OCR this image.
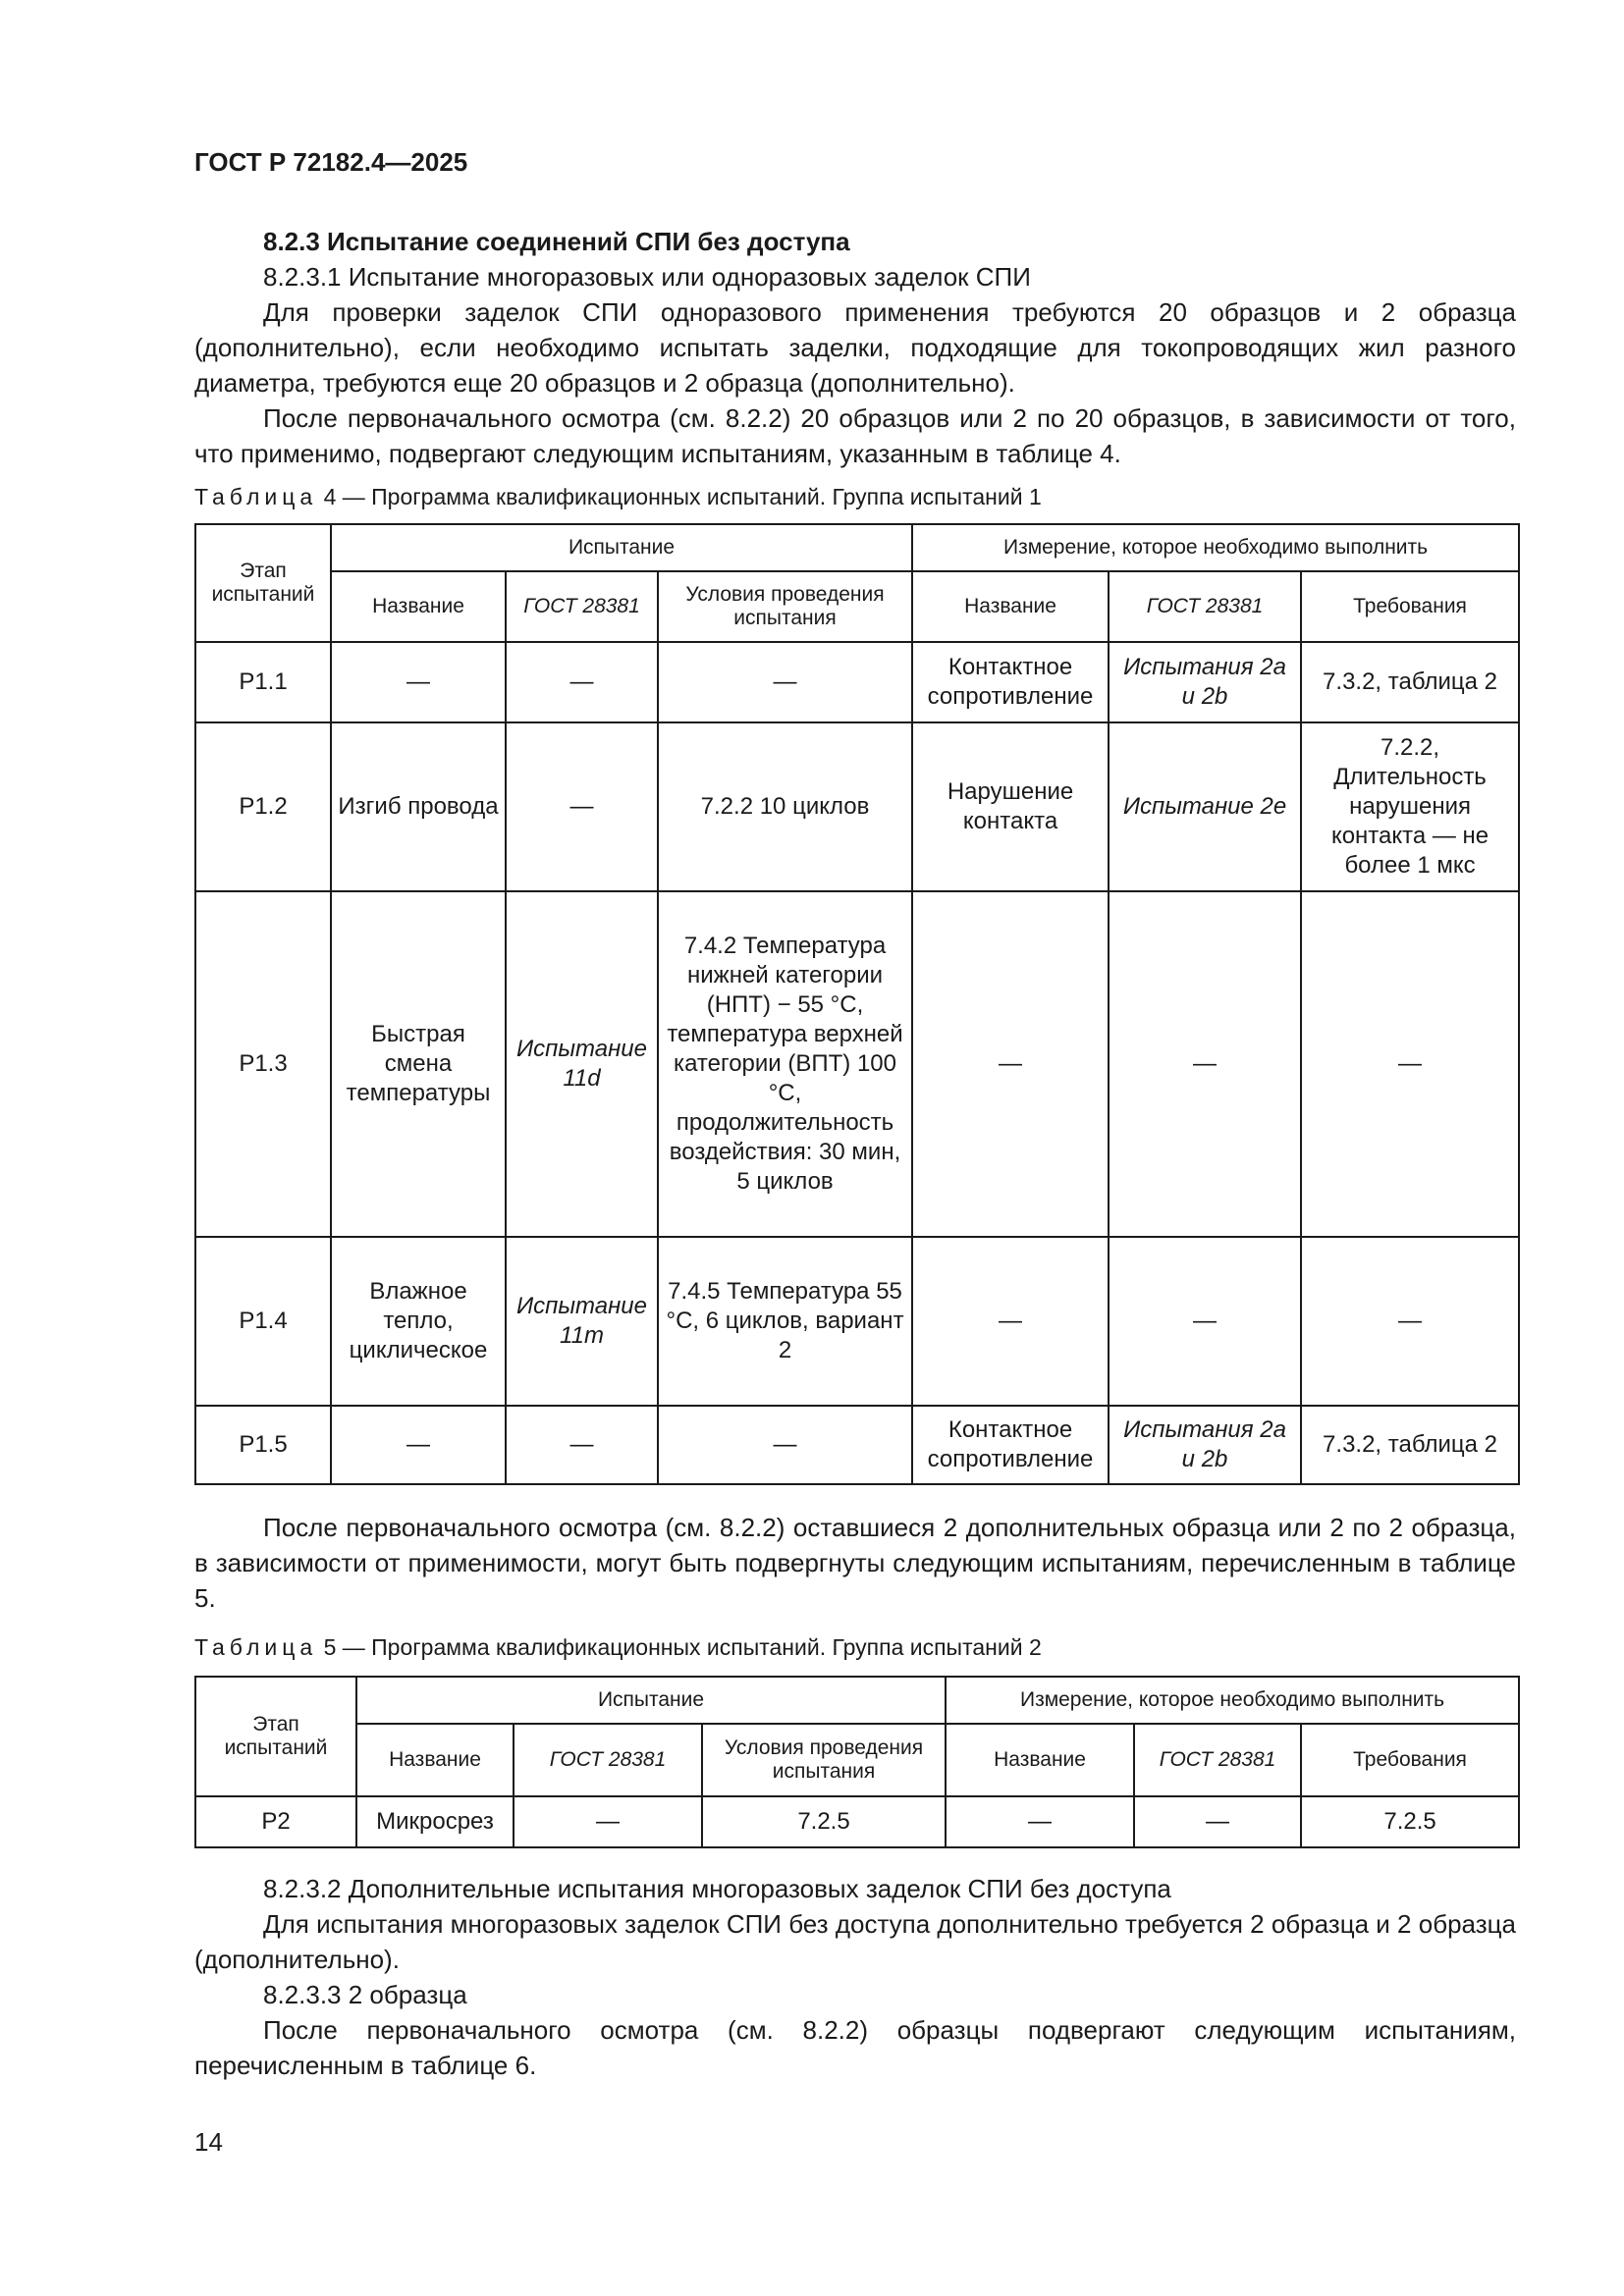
ГОСТ Р 72182.4—2025

8.2.3 Испытание соединений СПИ без доступа

8.2.3.1 Испытание многоразовых или одноразовых заделок СПИ

Для проверки заделок СПИ одноразового применения требуются 20 образцов и 2 образца (дополнительно), если необходимо испытать заделки, подходящие для токопроводящих жил разного диаметра, требуются еще 20 образцов и 2 образца (дополнительно).

После первоначального осмотра (см. 8.2.2) 20 образцов или 2 по 20 образцов, в зависимости от того, что применимо, подвергают следующим испытаниям, указанным в таблице 4.

Таблица 4 — Программа квалификационных испытаний. Группа испытаний 1
Этап испытаний	Испытание			Измерение, которое необходимо выполнить		
	Название	ГОСТ 28381	Условия проведения испытания	Название	ГОСТ 28381	Требования
P1.1	—	—	—	Контактное сопротивление	Испытания 2a и 2b	7.3.2, таблица 2
P1.2	Изгиб провода	—	7.2.2 10 циклов	Нарушение контакта	Испытание 2e	7.2.2, Длительность нарушения контакта — не более 1 мкс
P1.3	Быстрая смена температуры	Испытание 11d	7.4.2 Температура нижней категории (НПТ) − 55 °C, температура верхней категории (ВПТ) 100 °C, продолжительность воздействия: 30 мин, 5 циклов	—	—	—
P1.4	Влажное тепло, циклическое	Испытание 11m	7.4.5 Температура 55 °C, 6 циклов, вариант 2	—	—	—
P1.5	—	—	—	Контактное сопротивление	Испытания 2a и 2b	7.3.2, таблица 2

После первоначального осмотра (см. 8.2.2) оставшиеся 2 дополнительных образца или 2 по 2 образца, в зависимости от применимости, могут быть подвергнуты следующим испытаниям, перечисленным в таблице 5.

Таблица 5 — Программа квалификационных испытаний. Группа испытаний 2
Этап испытаний	Испытание			Измерение, которое необходимо выполнить		
	Название	ГОСТ 28381	Условия проведения испытания	Название	ГОСТ 28381	Требования
P2	Микросрез	—	7.2.5	—	—	7.2.5

8.2.3.2 Дополнительные испытания многоразовых заделок СПИ без доступа

Для испытания многоразовых заделок СПИ без доступа дополнительно требуется 2 образца и 2 образца (дополнительно).

8.2.3.3 2 образца

После первоначального осмотра (см. 8.2.2) образцы подвергают следующим испытаниям, перечисленным в таблице 6.

14
